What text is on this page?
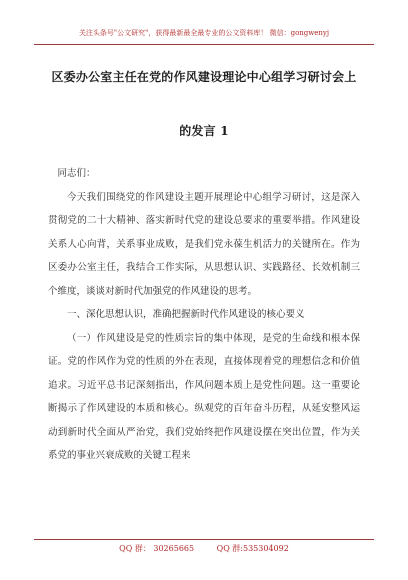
关注头条号"公文研究"，获得最新最全最专业的公文资料库！ 微信：gongwenyj
区委办公室主任在党的作风建设理论中心组学习研讨会上
的发言 1

同志们：

今天我们围绕党的作风建设主题开展理论中心组学习研讨，这是深入贯彻党的二十大精神、落实新时代党的建设总要求的重要举措。作风建设关系人心向背，关系事业成败，是我们党永葆生机活力的关键所在。作为区委办公室主任，我结合工作实际，从思想认识、实践路径、长效机制三个维度，谈谈对新时代加强党的作风建设的思考。

一、深化思想认识，准确把握新时代作风建设的核心要义

（一）作风建设是党的性质宗旨的集中体现，是党的生命线和根本保证。党的作风作为党的性质的外在表现，直接体现着党的理想信念和价值追求。习近平总书记深刻指出，作风问题本质上是党性问题。这一重要论断揭示了作风建设的本质和核心。纵观党的百年奋斗历程，从延安整风运动到新时代全面从严治党，我们党始终把作风建设摆在突出位置，作为关系党的事业兴衰成败的关键工程来

QQ 群： 30265665	QQ 群:535304092
